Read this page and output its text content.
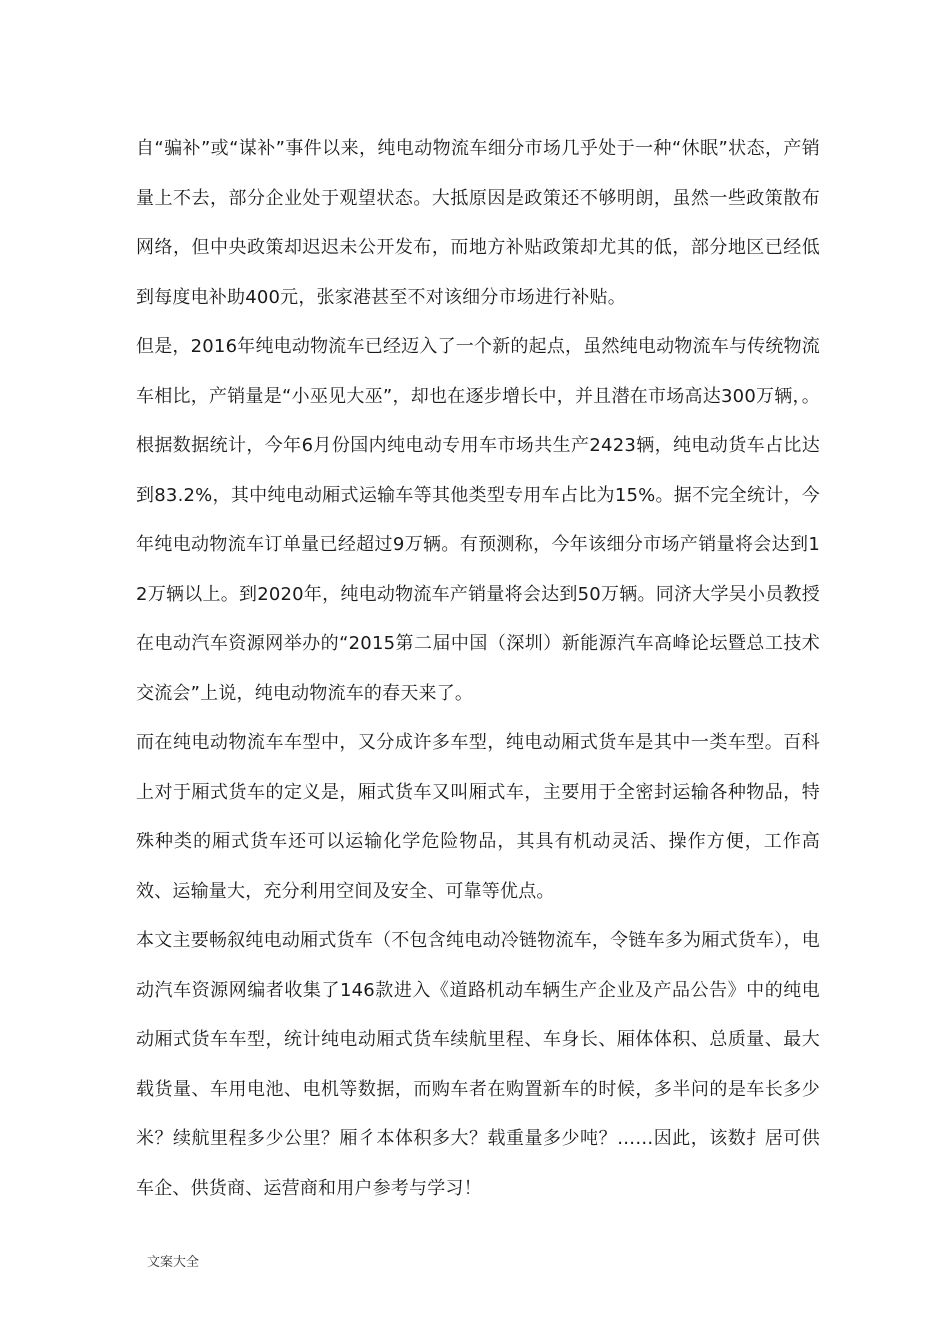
自“骗补”或“谋补”事件以来，纯电动物流车细分市场几乎处于一种“休眠”状态，产销量上不去，部分企业处于观望状态。大抵原因是政策还不够明朗，虽然一些政策散布网络，但中央政策却迟迟未公开发布，而地方补贴政策却尤其的低，部分地区已经低到每度电补助400元，张家港甚至不对该细分市场进行补贴。

但是，2016年纯电动物流车已经迈入了一个新的起点，虽然纯电动物流车与传统物流车相比，产销量是“小巫见大巫”，却也在逐步增长中，并且潜在市场高达300万辆，。根据数据统计，今年6月份国内纯电动专用车市场共生产2423辆，纯电动货车占比达到83.2%，其中纯电动厢式运输车等其他类型专用车占比为15%。据不完全统计，今年纯电动物流车订单量已经超过9万辆。有预测称，今年该细分市场产销量将会达到12万辆以上。到2020年，纯电动物流车产销量将会达到50万辆。同济大学吴小员教授在电动汽车资源网举办的“2015第二届中国（深圳）新能源汽车高峰论坛暨总工技术交流会”上说，纯电动物流车的春天来了。

而在纯电动物流车车型中，又分成许多车型，纯电动厢式货车是其中一类车型。百科上对于厢式货车的定义是，厢式货车又叫厢式车，主要用于全密封运输各种物品，特殊种类的厢式货车还可以运输化学危险物品，其具有机动灵活、操作方便，工作高效、运输量大，充分利用空间及安全、可靠等优点。

本文主要畅叙纯电动厢式货车（不包含纯电动冷链物流车，令链车多为厢式货车），电动汽车资源网编者收集了146款进入《道路机动车辆生产企业及产品公告》中的纯电动厢式货车车型，统计纯电动厢式货车续航里程、车身长、厢体体积、总质量、最大载货量、车用电池、电机等数据，而购车者在购置新车的时候，多半问的是车长多少米？续航里程多少公里？厢彳本体积多大？载重量多少吨？……因此，该数扌居可供车企、供货商、运营商和用户参考与学习！

文案大全
